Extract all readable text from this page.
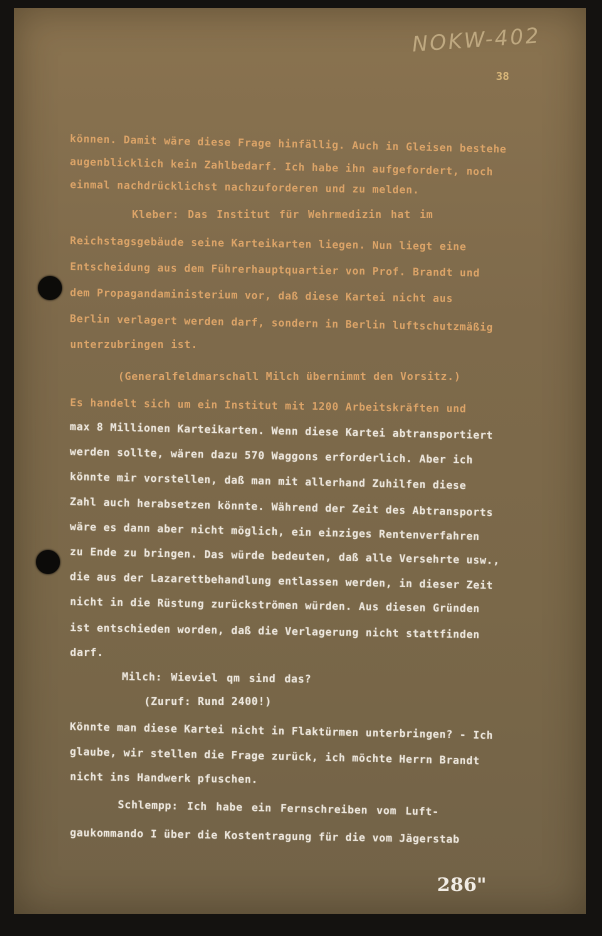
NOKW-402
38
können. Damit wäre diese Frage hinfällig. Auch in Gleisen bestehe
augenblicklich kein Zahlbedarf. Ich habe ihn aufgefordert, noch
einmal nachdrücklichst nachzuforderen und zu melden.
Kleber: Das Institut für Wehrmedizin hat im
Reichstagsgebäude seine Karteikarten liegen. Nun liegt eine
Entscheidung aus dem Führerhauptquartier von Prof. Brandt und
dem Propagandaministerium vor, daß diese Kartei nicht aus
Berlin verlagert werden darf, sondern in Berlin luftschutzmäßig
unterzubringen ist.
(Generalfeldmarschall Milch übernimmt den Vorsitz.)
Es handelt sich um ein Institut mit 1200 Arbeitskräften und
max 8 Millionen Karteikarten. Wenn diese Kartei abtransportiert
werden sollte, wären dazu 570 Waggons erforderlich. Aber ich
könnte mir vorstellen, daß man mit allerhand Zuhilfen diese
Zahl auch herabsetzen könnte. Während der Zeit des Abtransports
wäre es dann aber nicht möglich, ein einziges Rentenverfahren
zu Ende zu bringen. Das würde bedeuten, daß alle Versehrte usw.,
die aus der Lazarettbehandlung entlassen werden, in dieser Zeit
nicht in die Rüstung zurückströmen würden. Aus diesen Gründen
ist entschieden worden, daß die Verlagerung nicht stattfinden
darf.
Milch: Wieviel qm sind das?
(Zuruf: Rund 2400!)
Könnte man diese Kartei nicht in Flaktürmen unterbringen? - Ich
glaube, wir stellen die Frage zurück, ich möchte Herrn Brandt
nicht ins Handwerk pfuschen.
Schlempp: Ich habe ein Fernschreiben vom Luft-
gaukommando I über die Kostentragung für die vom Jägerstab
286"
